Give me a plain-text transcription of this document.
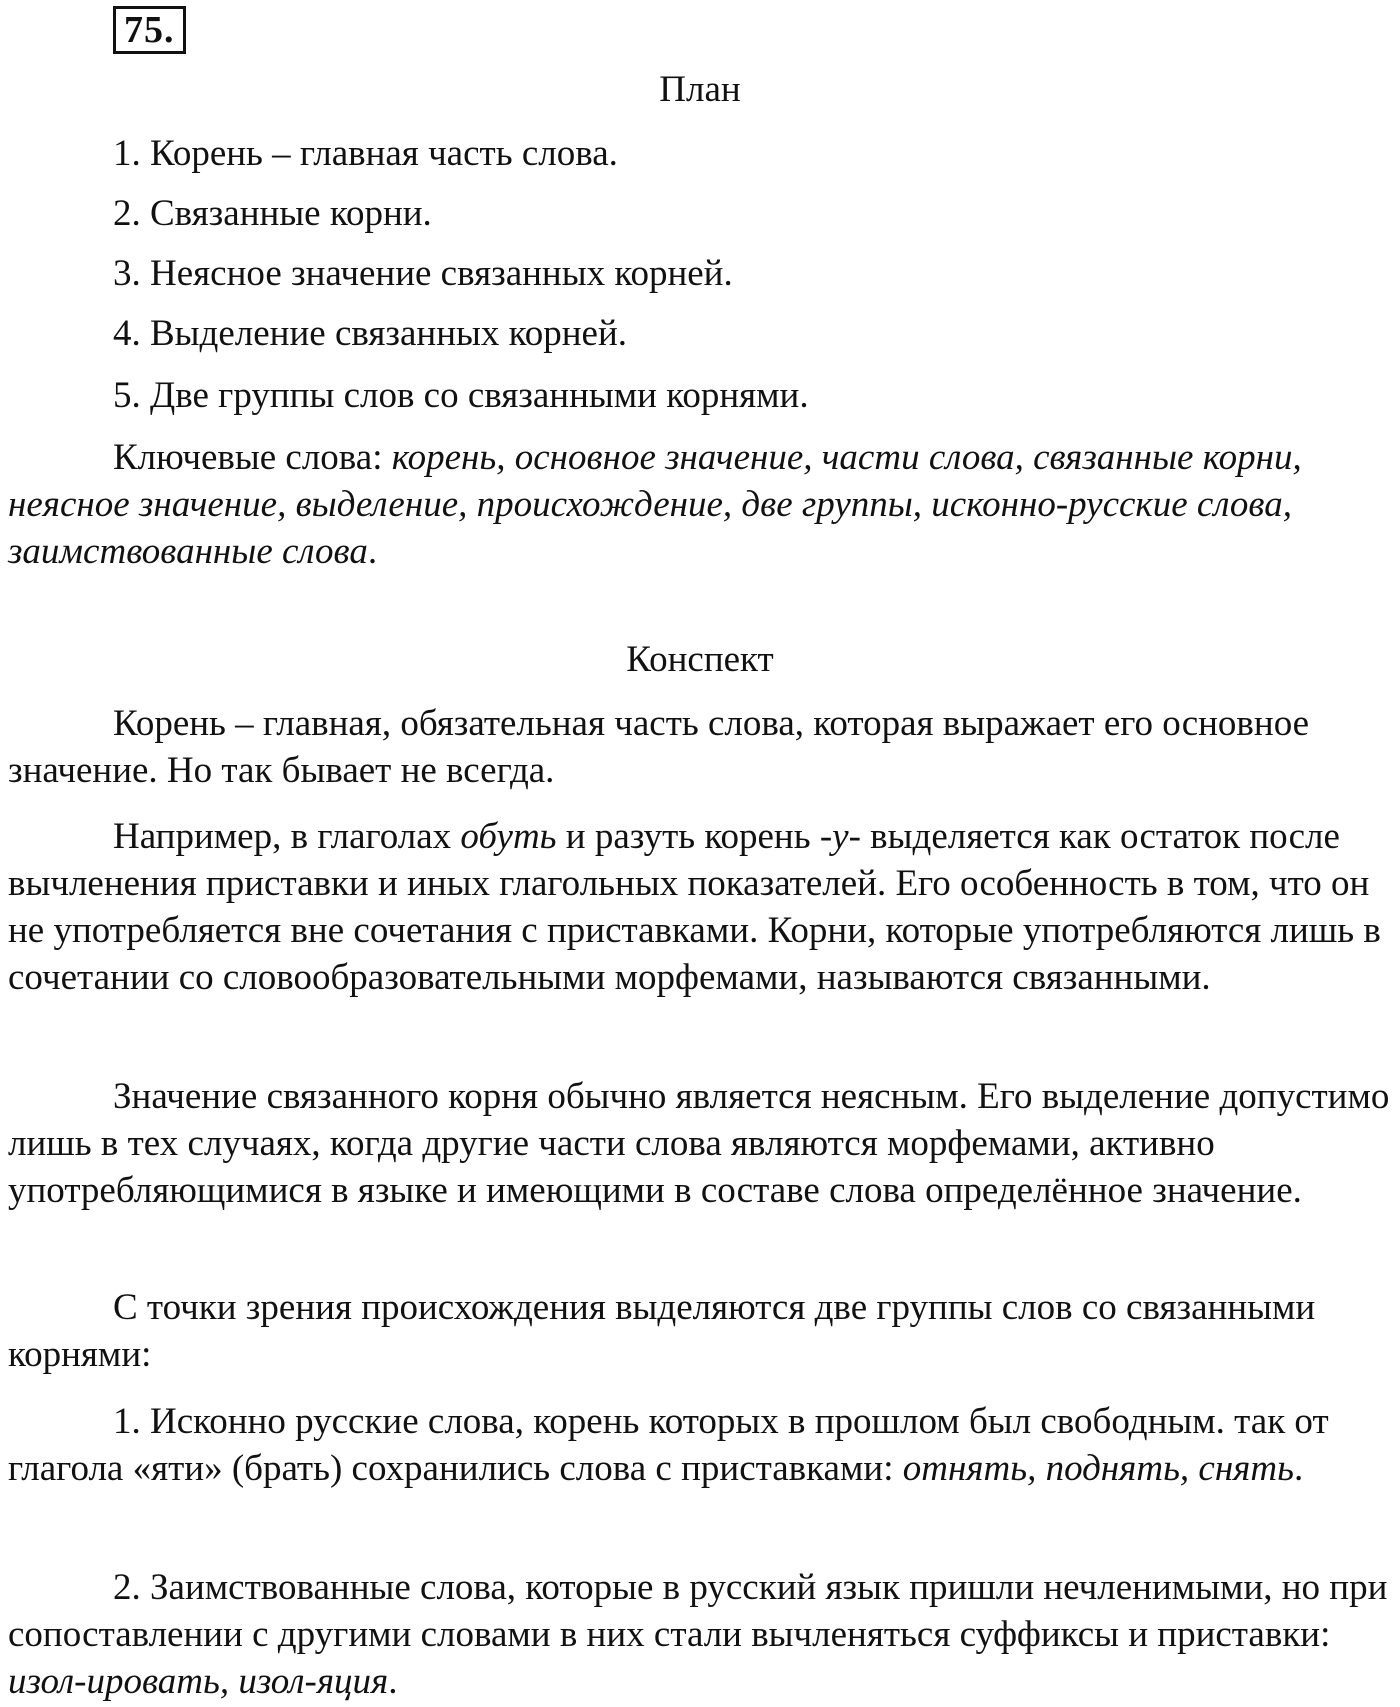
75.

План

1. Корень – главная часть слова.

2. Связанные корни.

3. Неясное значение связанных корней.

4. Выделение связанных корней.

5. Две группы слов со связанными корнями.

Ключевые слова: корень, основное значение, части слова, связанные корни, неясное значение, выделение, происхождение, две группы, исконно-русские слова, заимствованные слова.

Конспект

Корень – главная, обязательная часть слова, которая выражает его основное значение. Но так бывает не всегда.

Например, в глаголах обуть и разуть корень -у- выделяется как остаток после вычленения приставки и иных глагольных показателей. Его особенность в том, что он не употребляется вне сочетания с приставками. Корни, которые употребляются лишь в сочетании со словообразовательными морфемами, называются связанными.

Значение связанного корня обычно является неясным. Его выделение допустимо лишь в тех случаях, когда другие части слова являются морфемами, активно употребляющимися в языке и имеющими в составе слова определённое значение.

С точки зрения происхождения выделяются две группы слов со связанными корнями:

1. Исконно русские слова, корень которых в прошлом был свободным. так от глагола «яти» (брать) сохранились слова с приставками: отнять, поднять, снять.

2. Заимствованные слова, которые в русский язык пришли нечленимыми, но при сопоставлении с другими словами в них стали вычленяться суффиксы и приставки: изол-ировать, изол-яция.
